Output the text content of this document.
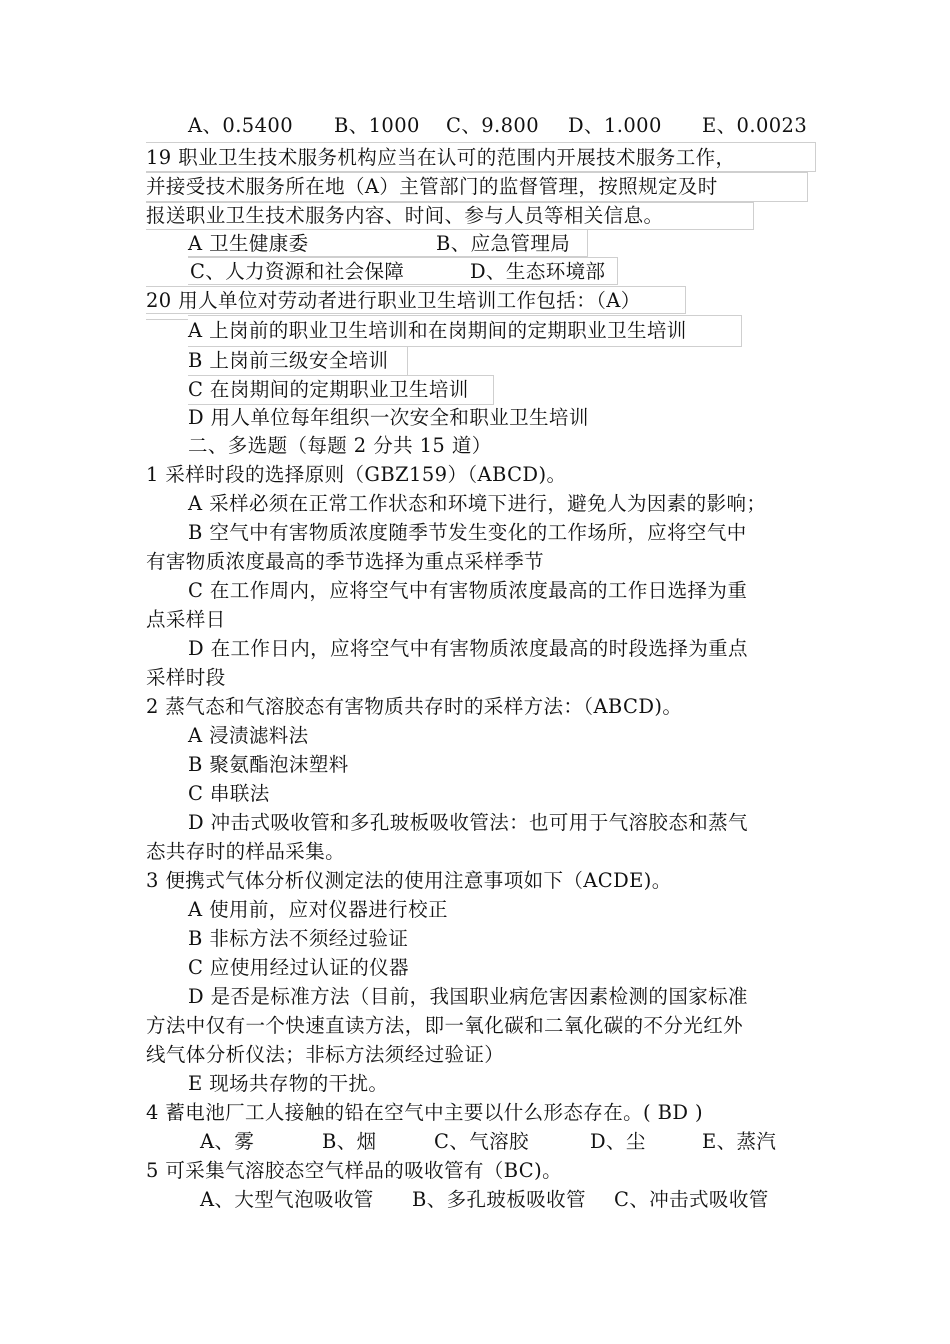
A、0.5400 B、1000 C、9.800 D、1.000 E、0.0023
19 职业卫生技术服务机构应当在认可的范围内开展技术服务工作，
并接受技术服务所在地（A）主管部门的监督管理，按照规定及时
报送职业卫生技术服务内容、时间、参与人员等相关信息。
A 卫生健康委	B、应急管理局
C、人力资源和社会保障	D、生态环境部
20 用人单位对劳动者进行职业卫生培训工作包括：（A）
A 上岗前的职业卫生培训和在岗期间的定期职业卫生培训
B 上岗前三级安全培训
C 在岗期间的定期职业卫生培训
D 用人单位每年组织一次安全和职业卫生培训
二、多选题（每题 2 分共 15 道）
1 采样时段的选择原则（GBZ159）（ABCD)。
A 采样必须在正常工作状态和环境下进行，避免人为因素的影响；
B 空气中有害物质浓度随季节发生变化的工作场所，应将空气中
有害物质浓度最高的季节选择为重点采样季节
C 在工作周内，应将空气中有害物质浓度最高的工作日选择为重
点采样日
D 在工作日内，应将空气中有害物质浓度最高的时段选择为重点
采样时段
2 蒸气态和气溶胶态有害物质共存时的采样方法：（ABCD)。
A 浸渍滤料法
B 聚氨酯泡沫塑料
C 串联法
D 冲击式吸收管和多孔玻板吸收管法：也可用于气溶胶态和蒸气
态共存时的样品采集。
3 便携式气体分析仪测定法的使用注意事项如下（ACDE)。
A 使用前，应对仪器进行校正
B 非标方法不须经过验证
C 应使用经过认证的仪器
D 是否是标准方法（目前，我国职业病危害因素检测的国家标准
方法中仅有一个快速直读方法，即一氧化碳和二氧化碳的不分光红外
线气体分析仪法；非标方法须经过验证）
E 现场共存物的干扰。
4 蓄电池厂工人接触的铅在空气中主要以什么形态存在。( BD )
A、雾	B、烟	C、气溶胶	D、尘	E、蒸汽
5 可采集气溶胶态空气样品的吸收管有（BC)。
A、大型气泡吸收管 B、多孔玻板吸收管 C、冲击式吸收管
